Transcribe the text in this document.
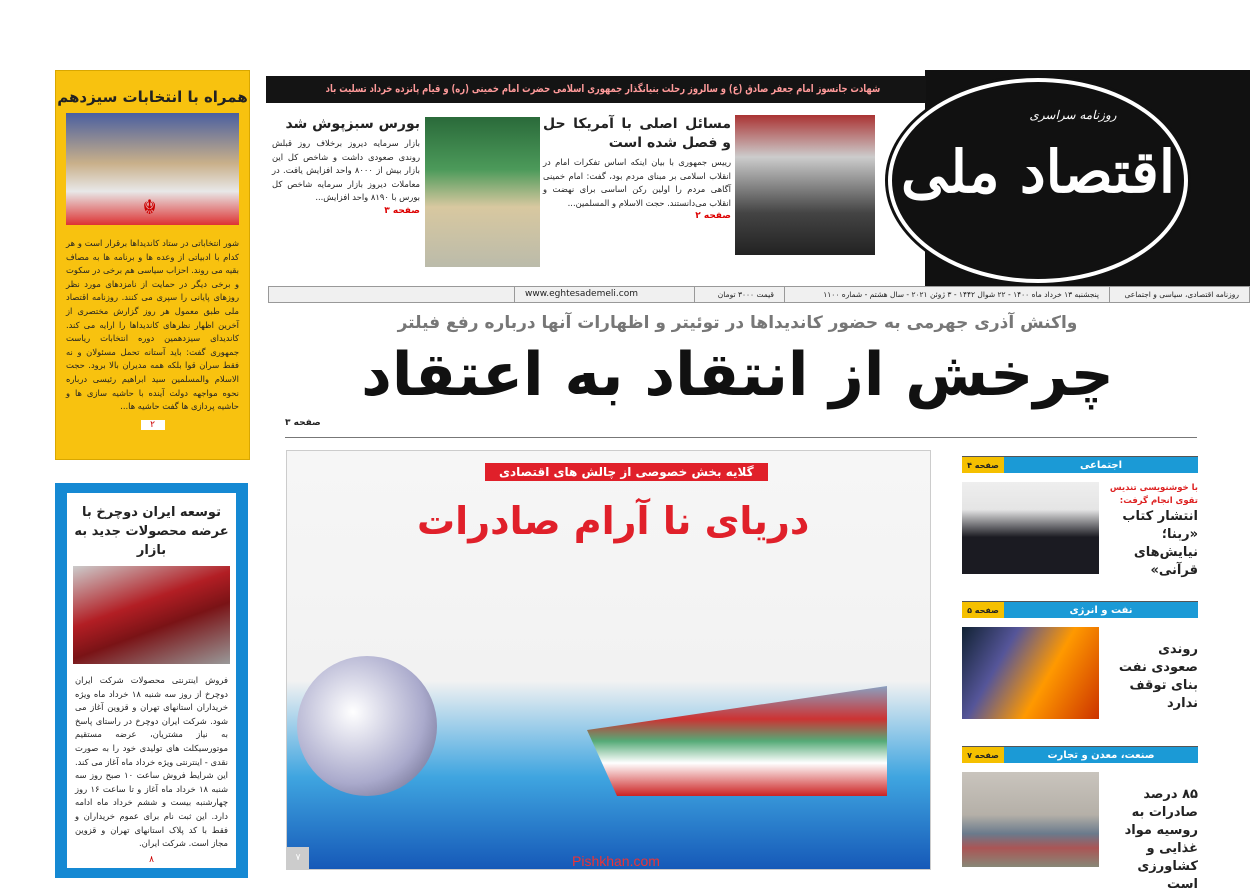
همراه با انتخابات سیزدهم
☬

شور انتخاباتی در ستاد کاندیداها برقرار است و هر کدام با ادبیاتی از وعده ها و برنامه ها به مصاف بقیه می روند. احزاب سیاسی هم برخی در سکوت و برخی دیگر در حمایت از نامزدهای مورد نظر روزهای پایانی را سپری می کنند. روزنامه اقتصاد ملی طبق معمول هر روز گزارش مختصری از آخرین اظهار نظرهای کاندیداها را ارایه می کند. کاندیدای سیزدهمین دوره انتخابات ریاست جمهوری گفت: باید آستانه تحمل مسئولان و نه فقط سران قوا بلکه همه مدیران بالا برود. حجت الاسلام والمسلمین سید ابراهیم رئیسی درباره نحوه مواجهه دولت آینده با حاشیه سازی ها و حاشیه پردازی ها گفت حاشیه ها...

۲
توسعه ایران دوچرخ با عرضه محصولات جدید به بازار

فروش اینترنتی محصولات شرکت ایران دوچرخ از روز سه شنبه ۱۸ خرداد ماه ویژه خریداران استانهای تهران و قزوین آغاز می شود. شرکت ایران دوچرخ در راستای پاسخ به نیاز مشتریان، عرضه مستقیم موتورسیکلت های تولیدی خود را به صورت نقدی - اینترنتی ویژه خرداد ماه آغاز می کند. این شرایط فروش ساعت ۱۰ صبح روز سه شنبه ۱۸ خرداد ماه آغاز و تا ساعت ۱۶ روز چهارشنبه بیست و ششم خرداد ماه ادامه دارد. این ثبت نام برای عموم خریداران و فقط با کد پلاک استانهای تهران و قزوین مجاز است. شرکت ایران.

۸
شهادت جانسوز امام جعفر صادق (ع) و سالروز رحلت بنیانگذار جمهوری اسلامی حضرت امام خمینی (ره) و قیام پانزده خرداد تسلیت باد
روزنامه سراسری
اقتصاد ملی
مسائل اصلی با آمریکا حل و فصل شده است
رییس جمهوری با بیان اینکه اساس تفکرات امام در انقلاب اسلامی بر مبنای مردم بود، گفت: امام خمینی آگاهی مردم را اولین رکن اساسی برای نهضت و انقلاب می‌دانستند. حجت الاسلام و المسلمین...
صفحه ۲
بورس سبزپوش شد
بازار سرمایه دیروز برخلاف روز قبلش روندی صعودی داشت و شاخص کل این بازار بیش از ۸۰۰۰ واحد افزایش یافت. در معاملات دیروز بازار سرمایه شاخص کل بورس با ۸۱۹۰ واحد افزایش...
صفحه ۳
روزنامه اقتصادی، سیاسی و اجتماعی
پنجشنبه ۱۳ خرداد ماه ۱۴۰۰ - ۲۲ شوال ۱۴۴۲ - ۳ ژوئن ۲۰۲۱ - سال هشتم - شماره ۱۱۰۰
قیمت ۳۰۰۰ تومان
www.eghtesademeli.com
واکنش آذری جهرمی به حضور کاندیداها در توئیتر و اظهارات آنها درباره رفع فیلتر
چرخش از انتقاد به اعتقاد
صفحه ۳
گلایه بخش خصوصی از چالش های اقتصادی
دریای نا آرام صادرات
۷	Pishkhan.com
اجتماعی
صفحه ۴
با خوشنویسی تندیس تقوی انجام گرفت:
انتشار کتاب «ربنا؛ نیایش‌های قرآنی»
نفت و انرژی
صفحه ۵
روندی صعودی نفت بنای توقف ندارد
صنعت، معدن و تجارت
صفحه ۷
۸۵ درصد صادرات به روسیه مواد غذایی و کشاورزی است
